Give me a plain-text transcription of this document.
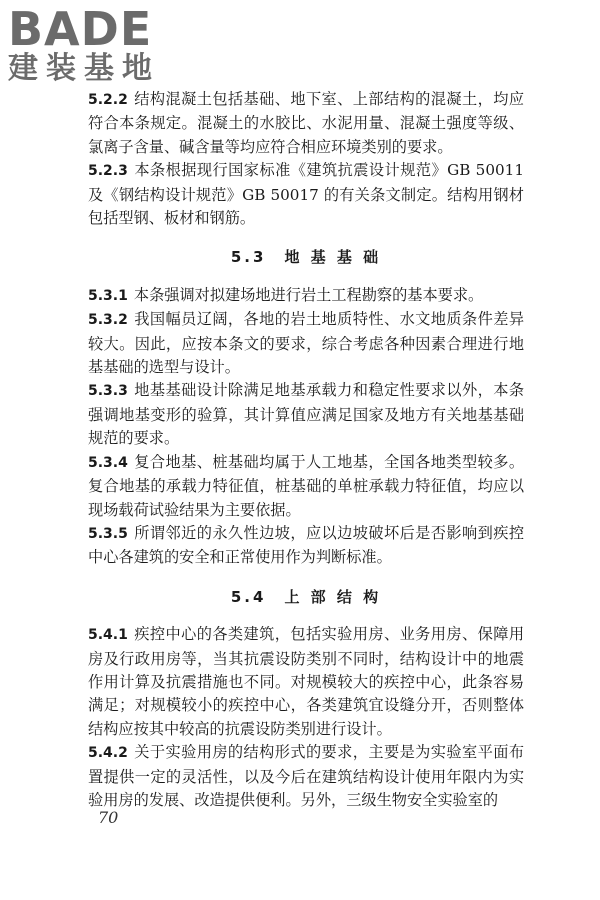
BADE
建装基地

5.2.2 结构混凝土包括基础、地下室、上部结构的混凝土，均应符合本条规定。混凝土的水胶比、水泥用量、混凝土强度等级、氯离子含量、碱含量等均应符合相应环境类别的要求。

5.2.3 本条根据现行国家标准《建筑抗震设计规范》GB 50011 及《钢结构设计规范》GB 50017 的有关条文制定。结构用钢材包括型钢、板材和钢筋。

5.3　地 基 基 础

5.3.1 本条强调对拟建场地进行岩土工程勘察的基本要求。

5.3.2 我国幅员辽阔，各地的岩土地质特性、水文地质条件差异较大。因此，应按本条文的要求，综合考虑各种因素合理进行地基基础的选型与设计。

5.3.3 地基基础设计除满足地基承载力和稳定性要求以外，本条强调地基变形的验算，其计算值应满足国家及地方有关地基基础规范的要求。

5.3.4 复合地基、桩基础均属于人工地基，全国各地类型较多。复合地基的承载力特征值，桩基础的单桩承载力特征值，均应以现场载荷试验结果为主要依据。

5.3.5 所谓邻近的永久性边坡，应以边坡破坏后是否影响到疾控中心各建筑的安全和正常使用作为判断标准。

5.4　上 部 结 构

5.4.1 疾控中心的各类建筑，包括实验用房、业务用房、保障用房及行政用房等，当其抗震设防类别不同时，结构设计中的地震作用计算及抗震措施也不同。对规模较大的疾控中心，此条容易满足；对规模较小的疾控中心，各类建筑宜设缝分开，否则整体结构应按其中较高的抗震设防类别进行设计。

5.4.2 关于实验用房的结构形式的要求，主要是为实验室平面布置提供一定的灵活性，以及今后在建筑结构设计使用年限内为实验用房的发展、改造提供便利。另外，三级生物安全实验室的

70
